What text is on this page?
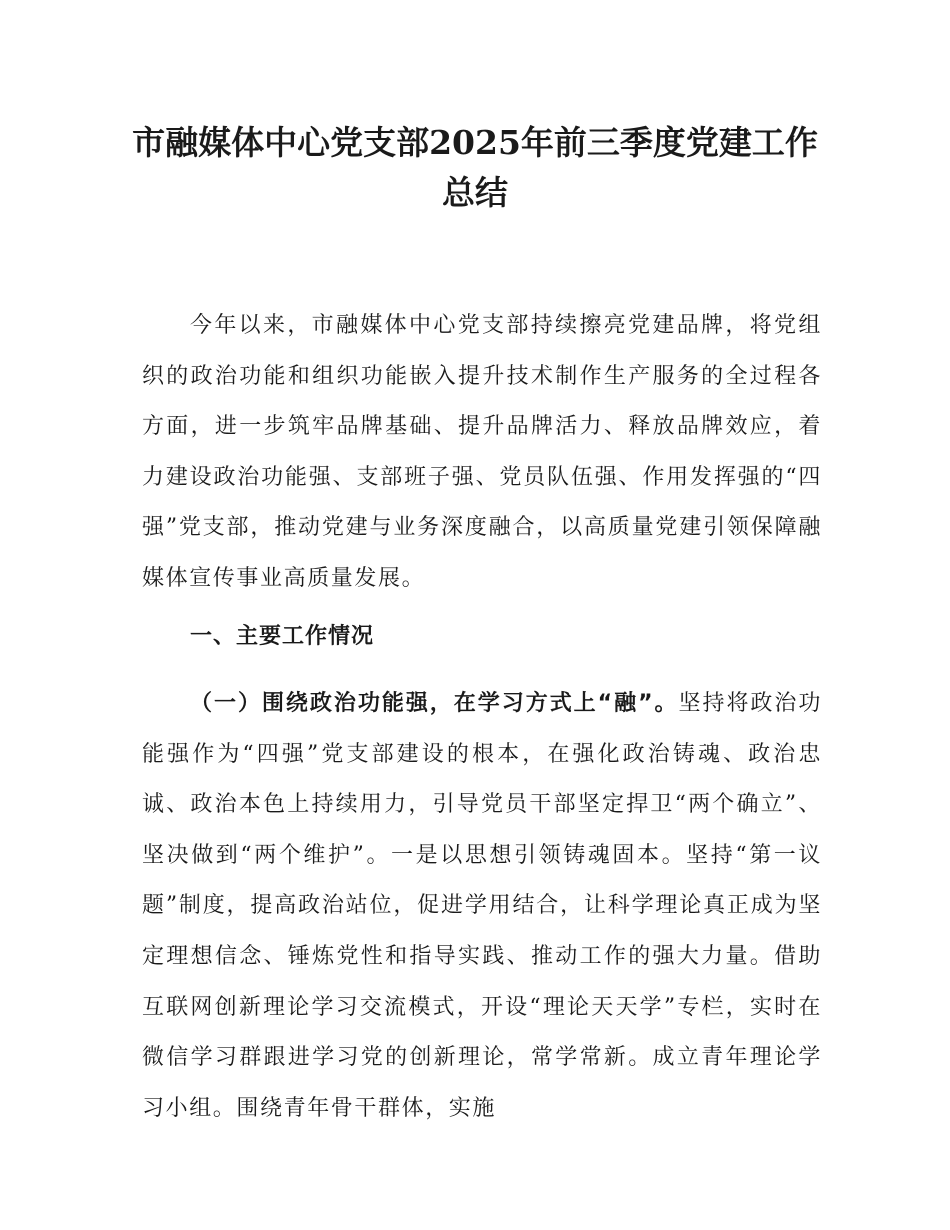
市融媒体中心党支部2025年前三季度党建工作总结

今年以来，市融媒体中心党支部持续擦亮党建品牌，将党组织的政治功能和组织功能嵌入提升技术制作生产服务的全过程各方面，进一步筑牢品牌基础、提升品牌活力、释放品牌效应，着力建设政治功能强、支部班子强、党员队伍强、作用发挥强的“四强”党支部，推动党建与业务深度融合，以高质量党建引领保障融媒体宣传事业高质量发展。

一、主要工作情况

（一）围绕政治功能强，在学习方式上“融”。坚持将政治功能强作为“四强”党支部建设的根本，在强化政治铸魂、政治忠诚、政治本色上持续用力，引导党员干部坚定捍卫“两个确立”、坚决做到“两个维护”。一是以思想引领铸魂固本。坚持“第一议题”制度，提高政治站位，促进学用结合，让科学理论真正成为坚定理想信念、锤炼党性和指导实践、推动工作的强大力量。借助互联网创新理论学习交流模式，开设“理论天天学”专栏，实时在微信学习群跟进学习党的创新理论，常学常新。成立青年理论学习小组。围绕青年骨干群体，实施
